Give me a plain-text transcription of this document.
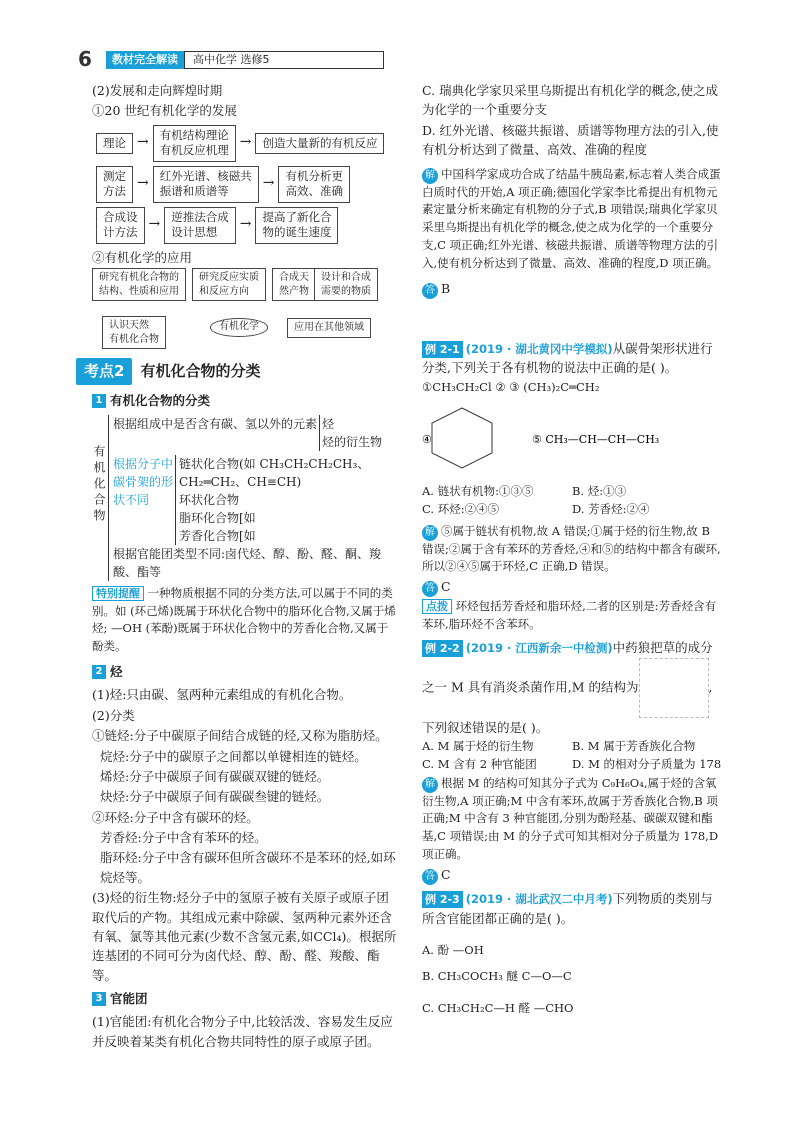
6	教材完全解读	高中化学 选修5
(2)发展和走向辉煌时期
①20 世纪有机化学的发展
理论 → 有机结构理论
有机反应机理 → 创造大量新的有机反应
测定
方法 → 红外光谱、核磁共
振谱和质谱等	→ 有机分析更
高效、准确
合成设
计方法 → 逆推法合成
设计思想	→ 提高了新化合
物的诞生速度
②有机化学的应用
研究有机化合物的
结构、性质和应用
研究反应实质
和反应方向
合成天
然产物
设计和合成
需要的物质
认识天然
有机化合物
有机化学	应用在其他领域
考点2	有机化合物的分类
1 有机化合物的分类
有机化合物
根据组成中是否含有碳、氢以外的元素 烃
烃的衍生物
根据分子中碳骨架的形状不同
链状化合物(如 CH₃CH₂CH₂CH₃、CH₂═CH₂、CH≡CH)
环状化合物
脂环化合物[如
芳香化合物[如
根据官能团类型不同:卤代烃、醇、酚、醛、酮、羧酸、酯等
特别提醒 一种物质根据不同的分类方法,可以属于不同的类别。如 (环己烯)既属于环状化合物中的脂环化合物,又属于烯烃; —OH (苯酚)既属于环状化合物中的芳香化合物,又属于酚类。
2 烃
(1)烃:只由碳、氢两种元素组成的有机化合物。
(2)分类
①链烃:分子中碳原子间结合成链的烃,又称为脂肪烃。
烷烃:分子中的碳原子之间都以单键相连的链烃。
烯烃:分子中碳原子间有碳碳双键的链烃。
炔烃:分子中碳原子间有碳碳叁键的链烃。
②环烃:分子中含有碳环的烃。
芳香烃:分子中含有苯环的烃。
脂环烃:分子中含有碳环但所含碳环不是苯环的烃,如环烷烃等。
(3)烃的衍生物:烃分子中的氢原子被有关原子或原子团取代后的产物。其组成元素中除碳、氢两种元素外还含有氧、氯等其他元素(少数不含氢元素,如CCl₄)。根据所连基团的不同可分为卤代烃、醇、酚、醛、羧酸、酯等。
3 官能团
(1)官能团:有机化合物分子中,比较活泼、容易发生反应并反映着某类有机化合物共同特性的原子或原子团。
C. 瑞典化学家贝采里乌斯提出有机化学的概念,使之成为化学的一个重要分支
D. 红外光谱、核磁共振谱、质谱等物理方法的引入,使有机分析达到了微量、高效、准确的程度
解 中国科学家成功合成了结晶牛胰岛素,标志着人类合成蛋白质时代的开始,A 项正确;德国化学家李比希提出有机物元素定量分析来确定有机物的分子式,B 项错误;瑞典化学家贝采里乌斯提出有机化学的概念,使之成为化学的一个重要分支,C 项正确;红外光谱、核磁共振谱、质谱等物理方法的引入,使有机分析达到了微量、高效、准确的程度,D 项正确。
答 B
例 2-1 (2019 · 湖北黄冈中学模拟)从碳骨架形状进行分类,下列关于各有机物的说法中正确的是( )。
①CH₃CH₂Cl ② ③ (CH₃)₂C═CH₂
④	⑤ CH₃—CH—CH—CH₃
A. 链状有机物:①③⑤	B. 烃:①③
C. 环烃:②④⑤	D. 芳香烃:②④
解 ⑤属于链状有机物,故 A 错误;①属于烃的衍生物,故 B 错误;②属于含有苯环的芳香烃,④和⑤的结构中都含有碳环,所以②④⑤属于环烃,C 正确,D 错误。
答 C
点拨 环烃包括芳香烃和脂环烃,二者的区别是:芳香烃含有苯环,脂环烃不含苯环。
例 2-2 (2019 · 江西新余一中检测)中药狼把草的成分之一 M 具有消炎杀菌作用,M 的结构为	,下列叙述错误的是( )。
A. M 属于烃的衍生物	B. M 属于芳香族化合物
C. M 含有 2 种官能团	D. M 的相对分子质量为 178
解 根据 M 的结构可知其分子式为 C₉H₆O₄,属于烃的含氧衍生物,A 项正确;M 中含有苯环,故属于芳香族化合物,B 项正确;M 中含有 3 种官能团,分别为酚羟基、碳碳双键和酯基,C 项错误;由 M 的分子式可知其相对分子质量为 178,D 项正确。
答 C
例 2-3 (2019 · 湖北武汉二中月考)下列物质的类别与所含官能团都正确的是( )。
A. 酚 —OH
B. CH₃COCH₃ 醚 C—O—C
C. CH₃CH₂C—H 醛 —CHO
